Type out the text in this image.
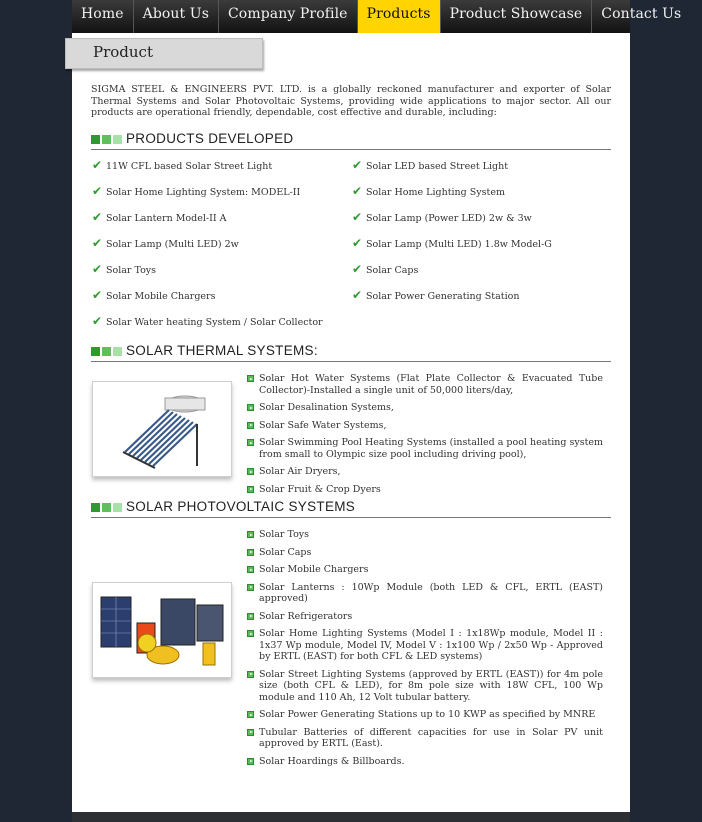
Home	About Us	Company Profile	Products	Product Showcase	Contact Us
Product
SIGMA STEEL & ENGINEERS PVT. LTD. is a globally reckoned manufacturer and exporter of Solar Thermal Systems and Solar Photovoltaic Systems, providing wide applications to major sector. All our products are operational friendly, dependable, cost effective and durable, including:
PRODUCTS DEVELOPED
SOLAR THERMAL SYSTEMS:
Solar Hot Water Systems (Flat Plate Collector & Evacuated Tube Collector)-Installed a single unit of 50,000 liters/day,
Solar Desalination Systems,
Solar Safe Water Systems,
Solar Swimming Pool Heating Systems (installed a pool heating system from small to Olympic size pool including driving pool),
Solar Air Dryers,
Solar Fruit & Crop Dyers
SOLAR PHOTOVOLTAIC SYSTEMS
Solar Toys
Solar Caps
Solar Mobile Chargers
Solar Lanterns : 10Wp Module (both LED & CFL, ERTL (EAST) approved)
Solar Refrigerators
Solar Home Lighting Systems (Model I : 1x18Wp module, Model II : 1x37 Wp module, Model IV, Model V : 1x100 Wp / 2x50 Wp - Approved by ERTL (EAST) for both CFL & LED systems)
Solar Street Lighting Systems (approved by ERTL (EAST)) for 4m pole size (both CFL & LED), for 8m pole size with 18W CFL, 100 Wp module and 110 Ah, 12 Volt tubular battery.
Solar Power Generating Stations up to 10 KWP as specified by MNRE
Tubular Batteries of different capacities for use in Solar PV unit approved by ERTL (East).
Solar Hoardings & Billboards.
✔ 11W CFL based Solar Street Light
✔ Solar Home Lighting System: MODEL-II
✔ Solar Lantern Model-II A
✔ Solar Lamp (Multi LED) 2w
✔ Solar Toys
✔ Solar Mobile Chargers
✔ Solar Water heating System / Solar Collector
✔ Solar LED based Street Light
✔ Solar Home Lighting System
✔ Solar Lamp (Power LED) 2w & 3w
✔ Solar Lamp (Multi LED) 1.8w Model-G
✔ Solar Caps
✔ Solar Power Generating Station
